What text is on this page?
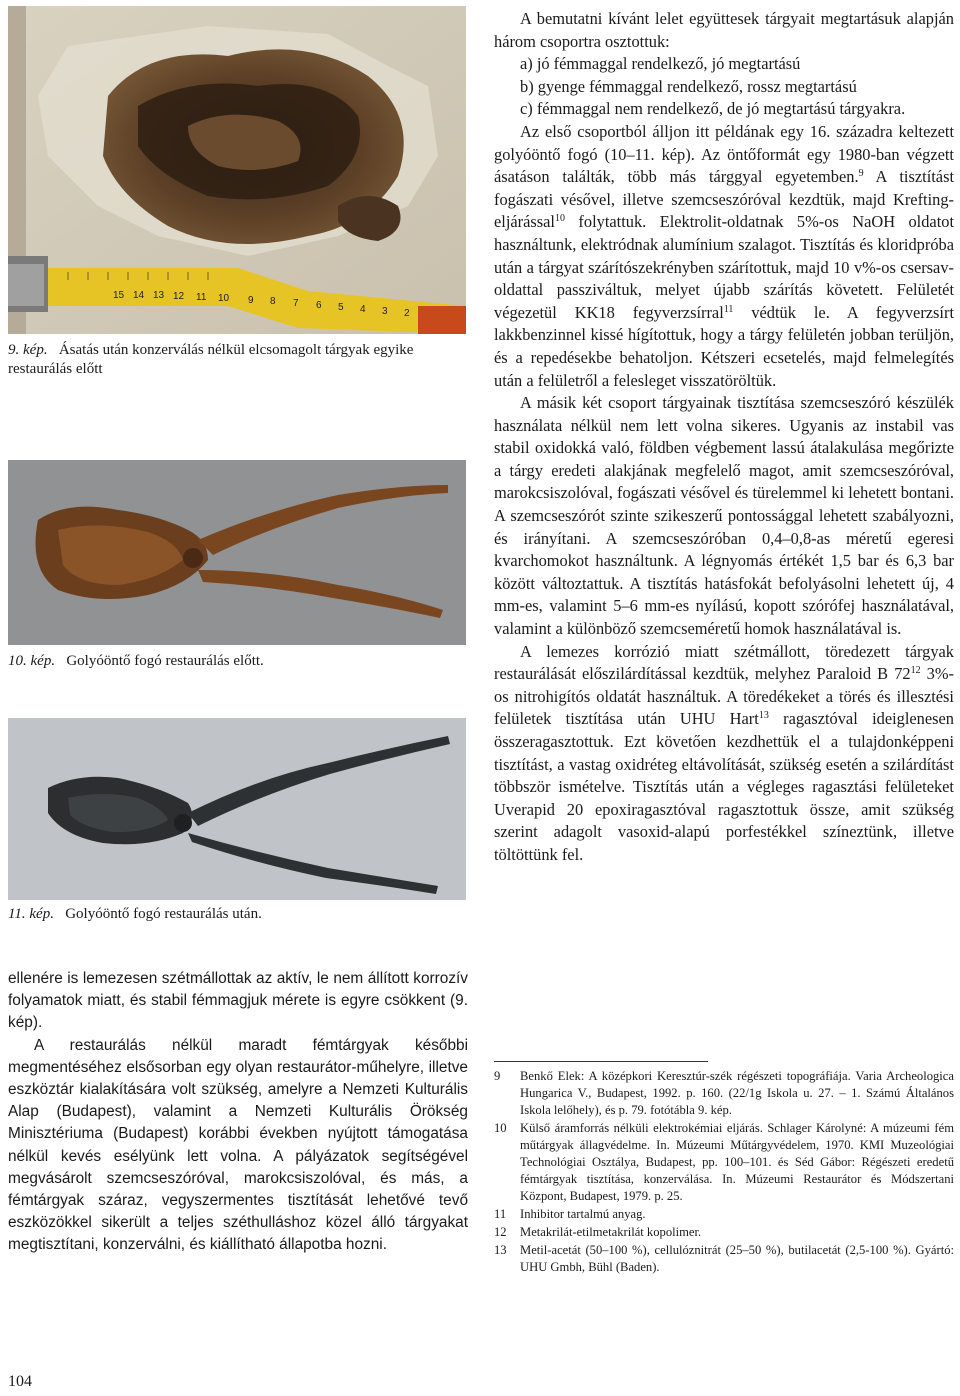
15 14 13 12 11 10 9 8 7 6 5 4 3 2
9. kép. Ásatás után konzerválás nélkül elcsomagolt tárgyak egyike restaurálás előtt
10. kép. Golyóöntő fogó restaurálás előtt.
11. kép. Golyóöntő fogó restaurálás után.

ellenére is lemezesen szétmállottak az aktív, le nem állított korrozív folyamatok miatt, és stabil fémmagjuk mérete is egyre csökkent (9. kép).

A restaurálás nélkül maradt fémtárgyak későbbi megmentéséhez elsősorban egy olyan restaurátor-műhelyre, illetve eszköztár kialakítására volt szükség, amelyre a Nemzeti Kulturális Alap (Budapest), valamint a Nemzeti Kulturális Örökség Minisztériuma (Budapest) korábbi években nyújtott támogatása nélkül kevés esélyünk lett volna. A pályázatok segítségével megvásárolt szemcseszóróval, marokcsiszolóval, és más, a fémtárgyak száraz, vegyszermentes tisztítását lehetővé tevő eszközökkel sikerült a teljes széthulláshoz közel álló tárgyakat megtisztítani, konzerválni, és kiállítható állapotba hozni.

A bemutatni kívánt lelet együttesek tárgyait megtartásuk alapján három csoportra osztottuk:

a) jó fémmaggal rendelkező, jó megtartású
b) gyenge fémmaggal rendelkező, rossz megtartású
c) fémmaggal nem rendelkező, de jó megtartású tárgyakra.

Az első csoportból álljon itt példának egy 16. századra keltezett golyóöntő fogó (10–11. kép). Az öntőformát egy 1980-ban végzett ásatáson találták, több más tárggyal egyetemben.$^9$ A tisztítást fogászati vésővel, illetve szemcseszóróval kezdtük, majd Krefting-eljárással$^{10}$ folytattuk. Elektrolit-oldatnak 5%-os NaOH oldatot használtunk, elektródnak alumínium szalagot. Tisztítás és kloridpróba után a tárgyat szárítószekrényben szárítottuk, majd 10 v%-os csersav-oldattal passziváltuk, melyet újabb szárítás követett. Felületét végezetül KK18 fegyverzsírral$^{11}$ védtük le. A fegyverzsírt lakkbenzinnel kissé hígítottuk, hogy a tárgy felületén jobban terüljön, és a repedésekbe behatoljon. Kétszeri ecsetelés, majd felmelegítés után a felületről a felesleget visszatöröltük.

A másik két csoport tárgyainak tisztítása szemcseszóró készülék használata nélkül nem lett volna sikeres. Ugyanis az instabil vas stabil oxidokká való, földben végbement lassú átalakulása megőrizte a tárgy eredeti alakjának megfelelő magot, amit szemcseszóróval, marokcsiszolóval, fogászati vésővel és türelemmel ki lehetett bontani. A szemcseszórót szinte szikeszerű pontossággal lehetett szabályozni, és irányítani. A szemcseszóróban 0,4–0,8-as méretű egeresi kvarchomokot használtunk. A légnyomás értékét 1,5 bar és 6,3 bar között változtattuk. A tisztítás hatásfokát befolyásolni lehetett új, 4 mm-es, valamint 5–6 mm-es nyílású, kopott szórófej használatával, valamint a különböző szemcseméretű homok használatával is.

A lemezes korrózió miatt szétmállott, töredezett tárgyak restaurálását előszilárdítással kezdtük, melyhez Paraloid B $72^{12}$ 3%-os nitrohigítós oldatát használtuk. A töredékeket a törés és illesztési felületek tisztítása után UHU Hart$^{13}$ ragasztóval ideiglenesen összeragasztottuk. Ezt követően kezdhettük el a tulajdonképpeni tisztítást, a vastag oxidréteg eltávolítását, szükség esetén a szilárdítást többször ismételve. Tisztítás után a végleges ragasztási felületeket Uverapid 20 epoxiragasztóval ragasztottuk össze, amit szükség szerint adagolt vasoxid-alapú porfestékkel színeztünk, illetve töltöttünk fel.

9	Benkő Elek: A középkori Keresztúr-szék régészeti topográfiája. Varia Archeologica Hungarica V., Budapest, 1992. p. 160. (22/1g Iskola u. 27. – 1. Számú Általános Iskola lelőhely), és p. 79. fotótábla 9. kép.
10	Külső áramforrás nélküli elektrokémiai eljárás. Schlager Károlyné: A múzeumi fém műtárgyak állagvédelme. In. Múzeumi Műtárgyvédelem, 1970. KMI Muzeológiai Technológiai Osztálya, Budapest, pp. 100–101. és Séd Gábor: Régészeti eredetű fémtárgyak tisztítása, konzerválása. In. Múzeumi Restaurátor és Módszertani Központ, Budapest, 1979. p. 25.
11	Inhibitor tartalmú anyag.
12	Metakrilát-etilmetakrilát kopolimer.
13	Metil-acetát (50–100 %), cellulóznitrát (25–50 %), butilacetát (2,5-100 %). Gyártó: UHU Gmbh, Bühl (Baden).
104
